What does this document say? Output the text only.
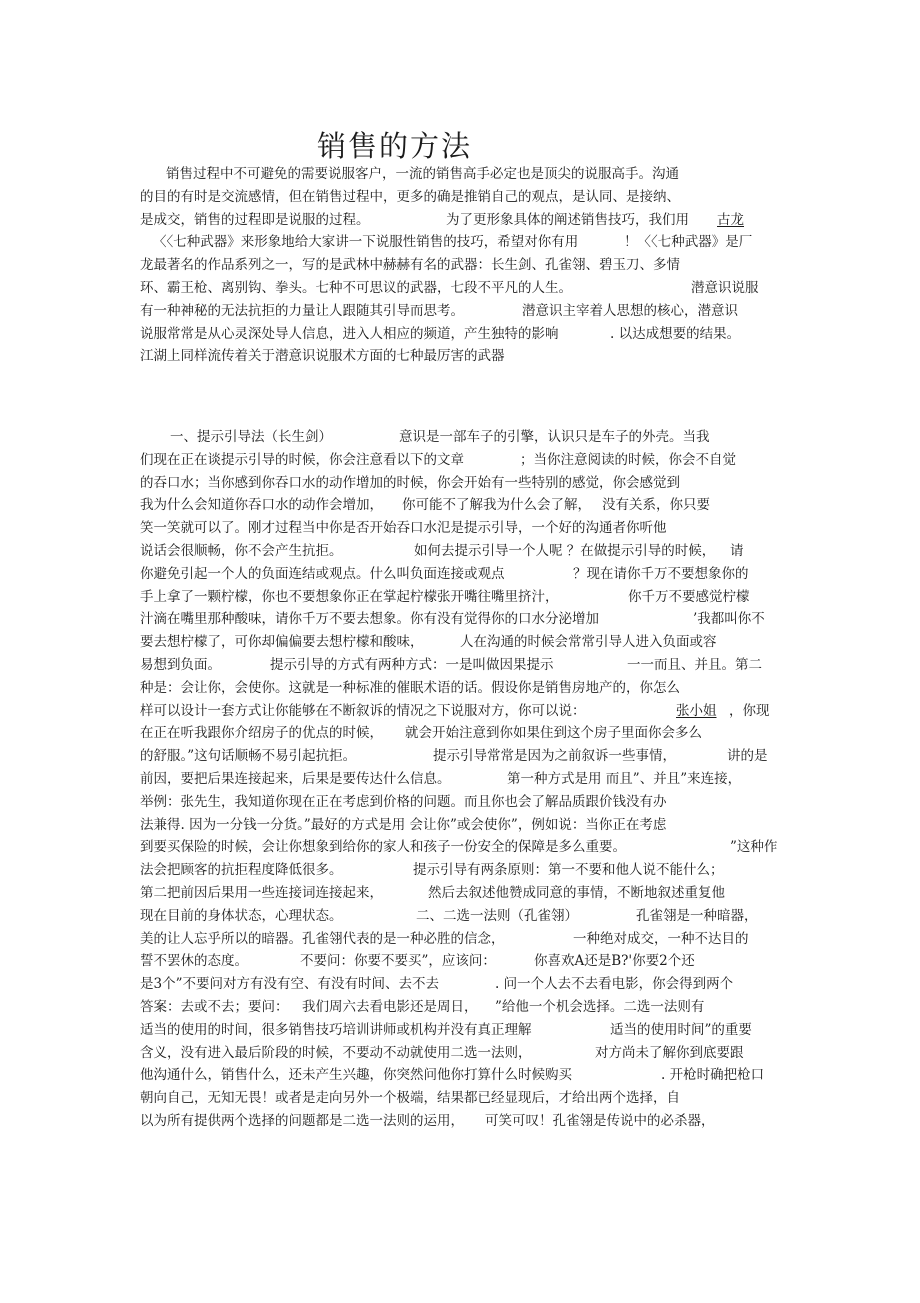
销售的方法
销售过程中不可避免的需要说服客户，一流的销售高手必定也是顶尖的说服高手。沟通
的目的有时是交流感情，但在销售过程中，更多的确是推销自己的观点，是认同、是接纳、
是成交，销售的过程即是说服的过程。	为了更形象具体的阐述销售技巧，我们用 古龙
〈〈七种武器》来形象地给大家讲一下说服性销售的技巧，希望对你有用	！〈〈七种武器》是厂
龙最著名的作品系列之一，写的是武林中赫赫有名的武器：长生剑、孔雀翎、碧玉刀、多情
环、霸王枪、离别钩、拳头。七种不可思议的武器，七段不平凡的人生。	潜意识说服
有一种神秘的无法抗拒的力量让人跟随其引导而思考。	潜意识主宰着人思想的核心，潜意识
说服常常是从心灵深处导人信息，进入人相应的频道，产生独特的影响	. 以达成想要的结果。
江湖上同样流传着关于潜意识说服术方面的七种最厉害的武器
一、提示引导法（长生剑）	意识是一部车子的引擎，认识只是车子的外壳。当我
们现在正在谈提示引导的时候，你会注意看以下的文章	；当你注意阅读的时候，你会不自觉
的吞口水；当你感到你吞口水的动作增加的时候，你会开始有一些特别的感觉，你会感觉到
我为什么会知道你吞口水的动作会增加， 你可能不了解我为什么会了解， 没有关系，你只要
笑一笑就可以了。刚才过程当中你是否开始吞口水 氾是提示引导，一个好的沟通者你听他
说话会很顺畅，你不会产生抗拒。	如何去提示引导一个人呢 ？在做提示引导的时候， 请
你避免引起一个人的负面连结或观点。什么叫负面连接或观点	？现在请你千万不要想象你的
手上拿了一颗柠檬，你也不要想象你正在掌起柠檬张开嘴往嘴里挤汁，	你千万不要感觉柠檬
汁滴在嘴里那种酸味，请你千万不要去想象。你有没有觉得你的口水分泌增加	’我都叫你不
要去想柠檬了，可你却偏偏要去想柠檬和酸味，	人在沟通的时候会常常引导人进入负面或容
易想到负面。	提示引导的方式有两种方式：一是叫做因果提示	一一而且、并且。第二
种是：会让你，会使你。这就是一种标准的催眠术语的话。假设你是销售房地产的，你怎么
样可以设计一套方式让你能够在不断叙诉的情况之下说服对方，你可以说：	张小姐 ，你现
在正在听我跟你介绍房子的优点的时候， 就会开始注意到你如果住到这个房子里面你会多么
的舒服。”这句话顺畅不易引起抗拒。	提示引导常常是因为之前叙诉一些事情，	讲的是
前因，要把后果连接起来，后果是要传达什么信息。	第一种方式是用 而且”、并且”来连接，
举例：张先生，我知道你现在正在考虑到价格的问题。而且你也会了解品质跟价钱没有办
法兼得. 因为一分钱一分货。”最好的方式是用 会让你”或会使你”，例如说：当你正在考虑
到要买保险的时候，会让你想象到给你的家人和孩子一份安全的保障是多么重要。	”这种作
法会把顾客的抗拒程度降低很多。	提示引导有两条原则：第一不要和他人说不能什么；
第二把前因后果用一些连接词连接起来，	然后去叙述他赞成同意的事情，不断地叙述重复他
现在目前的身体状态，心理状态。	二、二选一法则（孔雀翎）	孔雀翎是一种暗器，
美的让人忘乎所以的暗器。孔雀翎代表的是一种必胜的信念，	一种绝对成交，一种不达目的
誓不罢休的态度。	不要问：你要不要买”，应该问：	你喜欢A还是B?'你要2个还
是3个”不要问对方有没有空、有没有时间、去不去	. 问一个人去不去看电影，你会得到两个
答案：去或不去；要问： 我们周六去看电影还是周日， ”给他一个机会选择。二选一法则有
适当的使用的时间，很多销售技巧培训讲师或机构并没有真正理解	适当的使用时间”的重要
含义，没有进入最后阶段的时候，不要动不动就使用二选一法则，	对方尚未了解你到底要跟
他沟通什么，销售什么，还未产生兴趣，你突然问他你打算什么时候购买	. 开枪时确把枪口
朝向自己，无知无畏！或者是走向另外一个极端，结果都已经显现后，才给出两个选择，自
以为所有提供两个选择的问题都是二选一法则的运用， 可笑可叹！孔雀翎是传说中的必杀器，
